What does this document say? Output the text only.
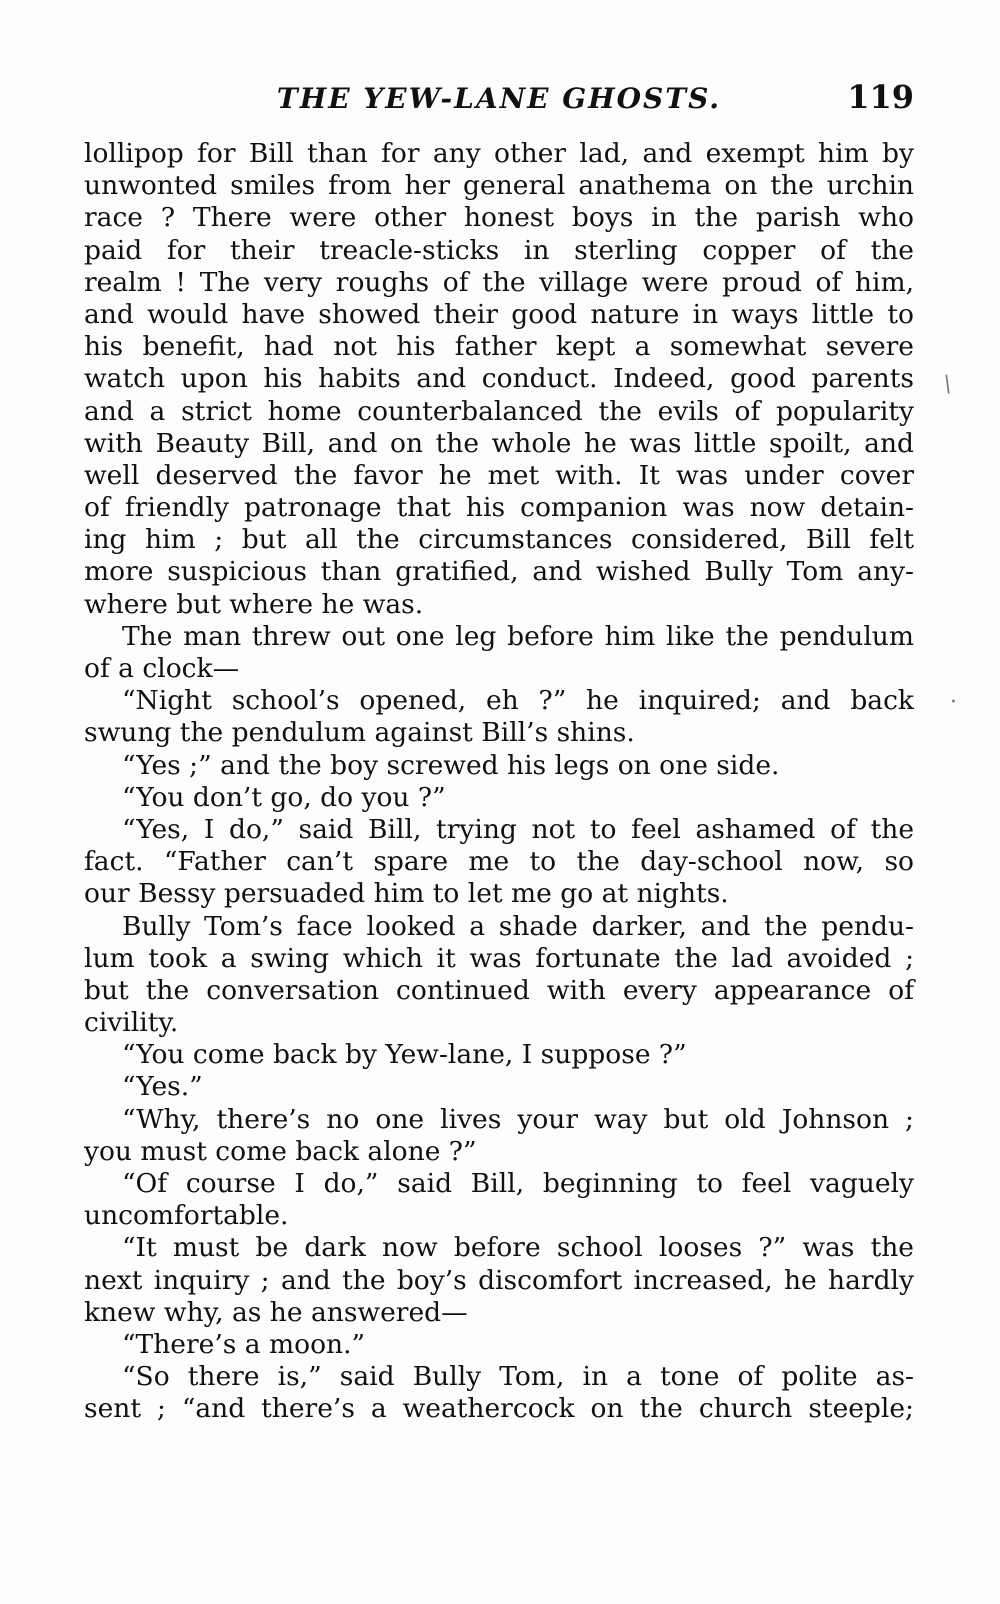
THE YEW-LANE GHOSTS.	119
lollipop for Bill than for any other lad, and exempt him by
unwonted smiles from her general anathema on the urchin
race ? There were other honest boys in the parish who
paid for their treacle-sticks in sterling copper of the
realm ! The very roughs of the village were proud of him,
and would have showed their good nature in ways little to
his benefit, had not his father kept a somewhat severe
watch upon his habits and conduct. Indeed, good parents
and a strict home counterbalanced the evils of popularity
with Beauty Bill, and on the whole he was little spoilt, and
well deserved the favor he met with. It was under cover
of friendly patronage that his companion was now detain-
ing him ; but all the circumstances considered, Bill felt
more suspicious than gratified, and wished Bully Tom any-
where but where he was.
The man threw out one leg before him like the pendulum
of a clock—
“Night school’s opened, eh ?” he inquired; and back
swung the pendulum against Bill’s shins.
“Yes ;” and the boy screwed his legs on one side.
“You don’t go, do you ?”
“Yes, I do,” said Bill, trying not to feel ashamed of the
fact. “Father can’t spare me to the day-school now, so
our Bessy persuaded him to let me go at nights.
Bully Tom’s face looked a shade darker, and the pendu-
lum took a swing which it was fortunate the lad avoided ;
but the conversation continued with every appearance of
civility.
“You come back by Yew-lane, I suppose ?”
“Yes.”
“Why, there’s no one lives your way but old Johnson ;
you must come back alone ?”
“Of course I do,” said Bill, beginning to feel vaguely
uncomfortable.
“It must be dark now before school looses ?” was the
next inquiry ; and the boy’s discomfort increased, he hardly
knew why, as he answered—
“There’s a moon.”
“So there is,” said Bully Tom, in a tone of polite as-
sent ; “and there’s a weathercock on the church steeple;
/
·
